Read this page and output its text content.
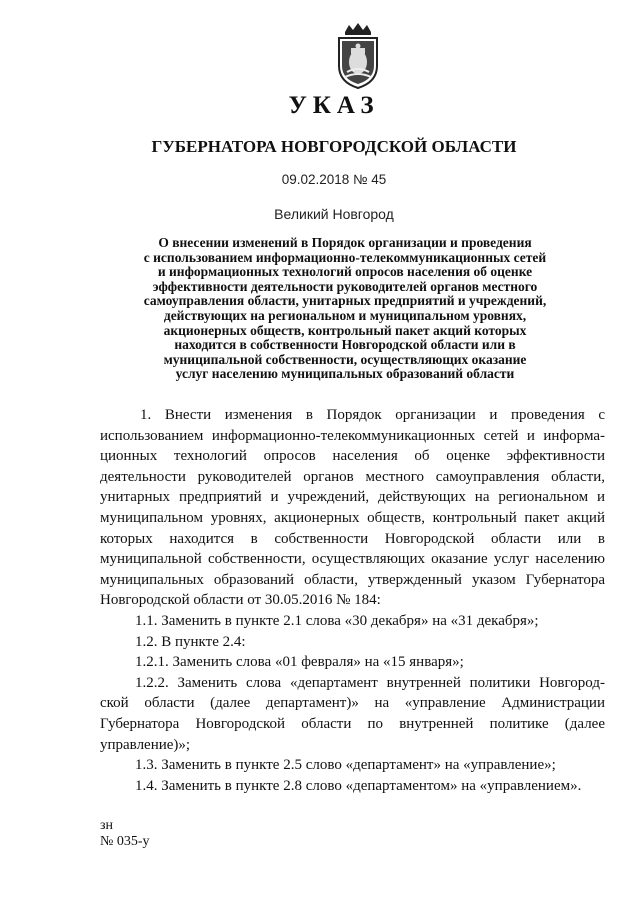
УКАЗ
ГУБЕРНАТОРА НОВГОРОДСКОЙ ОБЛАСТИ
09.02.2018 № 45
Великий Новгород
О внесении изменений в Порядок организации и проведения
с использованием информационно-телекоммуникационных сетей
и информационных технологий опросов населения об оценке
эффективности деятельности руководителей органов местного
самоуправления области, унитарных предприятий и учреждений,
действующих на региональном и муниципальном уровнях,
акционерных обществ, контрольный пакет акций которых
находится в собственности Новгородской области или в
муниципальной собственности, осуществляющих оказание
услуг населению муниципальных образований области
1. Внести изменения в Порядок организации и проведения с
использованием информационно-телекоммуникационных сетей и информа-
ционных технологий опросов населения об оценке эффективности
деятельности руководителей органов местного самоуправления области,
унитарных предприятий и учреждений, действующих на региональном и
муниципальном уровнях, акционерных обществ, контрольный пакет акций
которых находится в собственности Новгородской области или в
муниципальной собственности, осуществляющих оказание услуг населению
муниципальных образований области, утвержденный указом Губернатора
Новгородской области от 30.05.2016 № 184:
1.1. Заменить в пункте 2.1 слова «30 декабря» на «31 декабря»;
1.2. В пункте 2.4:
1.2.1. Заменить слова «01 февраля» на «15 января»;
1.2.2. Заменить слова «департамент внутренней политики Новгород-
ской области (далее департамент)» на «управление Администрации
Губернатора Новгородской области по внутренней политике (далее
управление)»;
1.3. Заменить в пункте 2.5 слово «департамент» на «управление»;
1.4. Заменить в пункте 2.8 слово «департаментом» на «управлением».
зн
№ 035-у
